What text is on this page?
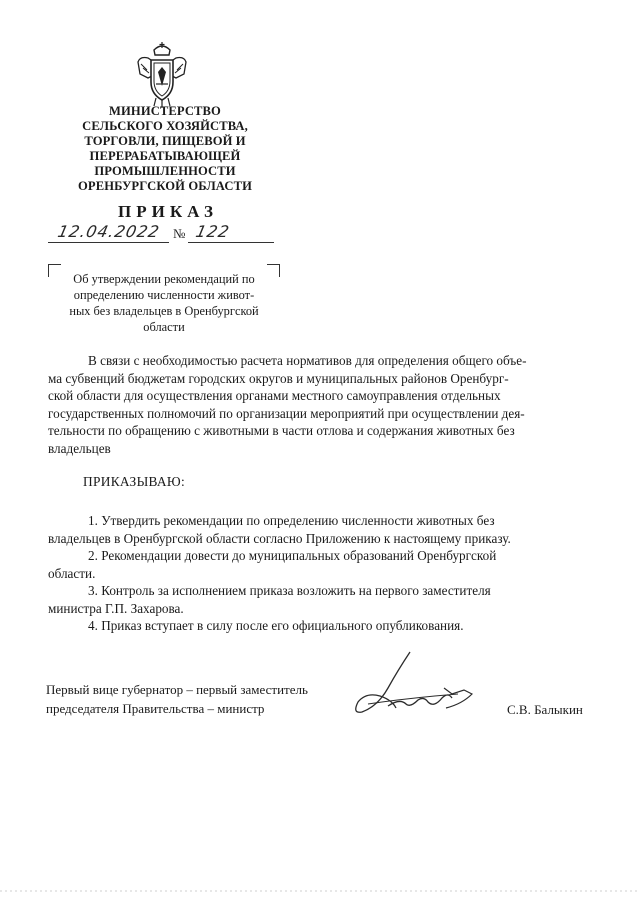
МИНИСТЕРСТВО
СЕЛЬСКОГО ХОЗЯЙСТВА,
ТОРГОВЛИ, ПИЩЕВОЙ И
ПЕРЕРАБАТЫВАЮЩЕЙ
ПРОМЫШЛЕННОСТИ
ОРЕНБУРГСКОЙ ОБЛАСТИ
ПРИКАЗ
12.04.2022 № 122
Об утверждении рекомендаций по
определению численности живот-
ных без владельцев в Оренбургской
области
В связи с необходимостью расчета нормативов для определения общего объе-
ма субвенций бюджетам городских округов и муниципальных районов Оренбург-
ской области для осуществления органами местного самоуправления отдельных
государственных полномочий по организации мероприятий при осуществлении дея-
тельности по обращению с животными в части отлова и содержания животных без
владельцев
ПРИКАЗЫВАЮ:
1. Утвердить рекомендации по определению численности животных без
владельцев в Оренбургской области согласно Приложению к настоящему приказу.
2. Рекомендации довести до муниципальных образований Оренбургской
области.
3. Контроль за исполнением приказа возложить на первого заместителя
министра Г.П. Захарова.
4. Приказ вступает в силу после его официального опубликования.
Первый вице губернатор – первый заместитель
председателя Правительства – министр	С.В. Балыкин
